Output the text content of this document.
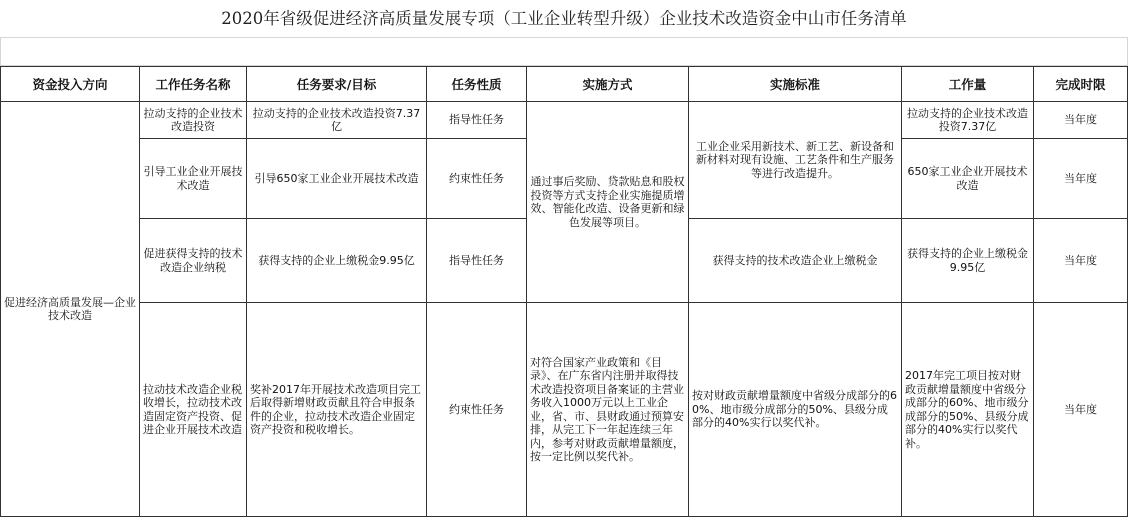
2020年省级促进经济高质量发展专项（工业企业转型升级）企业技术改造资金中山市任务清单
资金投入方向	工作任务名称	任务要求/目标	任务性质	实施方式	实施标准	工作量	完成时限
促进经济高质量发展—企业技术改造	拉动支持的企业技术改造投资	拉动支持的企业技术改造投资7.37亿	指导性任务	通过事后奖励、贷款贴息和股权投资等方式支持企业实施提质增效、智能化改造、设备更新和绿色发展等项目。	工业企业采用新技术、新工艺、新设备和新材料对现有设施、工艺条件和生产服务等进行改造提升。	拉动支持的企业技术改造投资7.37亿	当年度
	引导工业企业开展技术改造	引导650家工业企业开展技术改造	约束性任务			650家工业企业开展技术改造	当年度
	促进获得支持的技术改造企业纳税	获得支持的企业上缴税金9.95亿	指导性任务		获得支持的技术改造企业上缴税金	获得支持的企业上缴税金9.95亿	当年度
	拉动技术改造企业税收增长，拉动技术改造固定资产投资、促进企业开展技术改造	奖补2017年开展技术改造项目完工后取得新增财政贡献且符合申报条件的企业，拉动技术改造企业固定资产投资和税收增长。	约束性任务	对符合国家产业政策和《目录》、在广东省内注册并取得技术改造投资项目备案证的主营业务收入1000万元以上工业企业，省、市、县财政通过预算安排，从完工下一年起连续三年内，参考对财政贡献增量额度，按一定比例以奖代补。	按对财政贡献增量额度中省级分成部分的60%、地市级分成部分的50%、县级分成部分的40%实行以奖代补。	2017年完工项目按对财政贡献增量额度中省级分成部分的60%、地市级分成部分的50%、县级分成部分的40%实行以奖代补。	当年度
